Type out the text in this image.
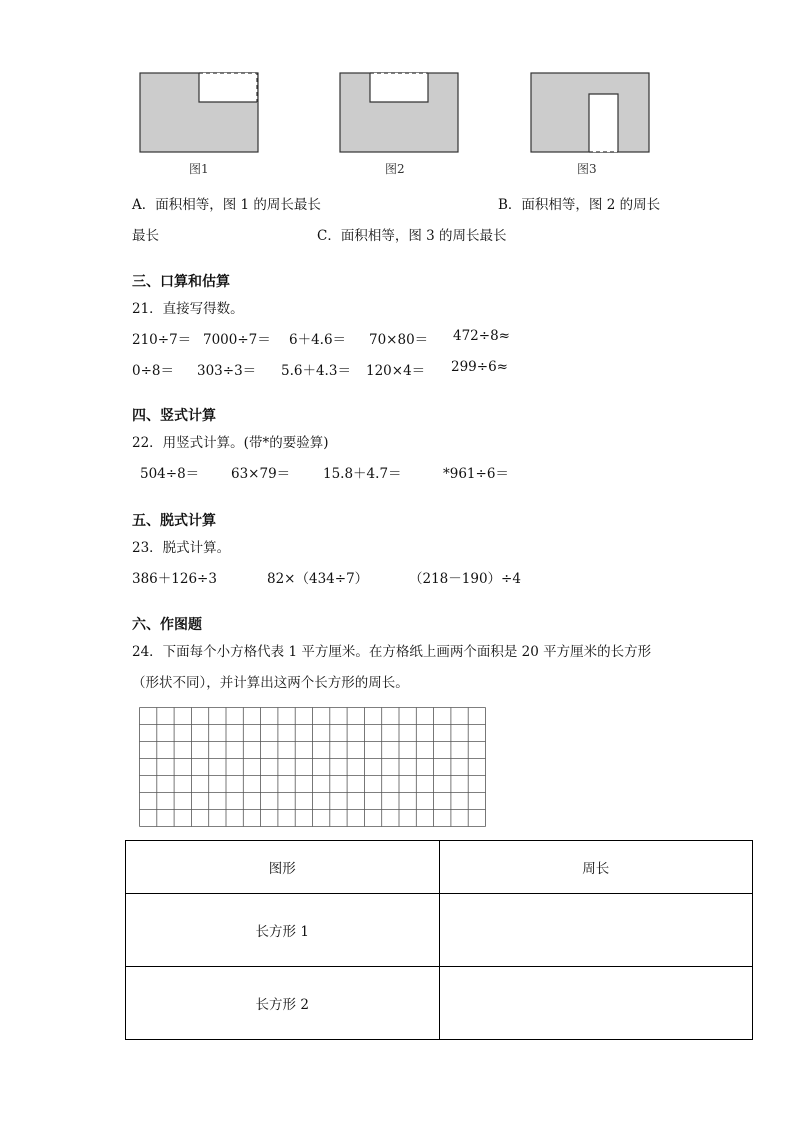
图1	图2	图3
A．面积相等，图 1 的周长最长	B．面积相等，图 2 的周长
最长	C．面积相等，图 3 的周长最长
三、口算和估算
21．直接写得数。
210÷7＝ 7000÷7＝ 6＋4.6＝ 70×80＝ 472÷8≈
0÷8＝ 303÷3＝ 5.6＋4.3＝ 120×4＝ 299÷6≈
四、竖式计算
22．用竖式计算。(带*的要验算)
504÷8＝ 63×79＝ 15.8＋4.7＝	*961÷6＝
五、脱式计算
23．脱式计算。
386＋126÷3	82×（434÷7）	（218－190）÷4
六、作图题
24．下面每个小方格代表 1 平方厘米。在方格纸上画两个面积是 20 平方厘米的长方形
（形状不同），并计算出这两个长方形的周长。
图形	周长
长方形 1	
长方形 2	
